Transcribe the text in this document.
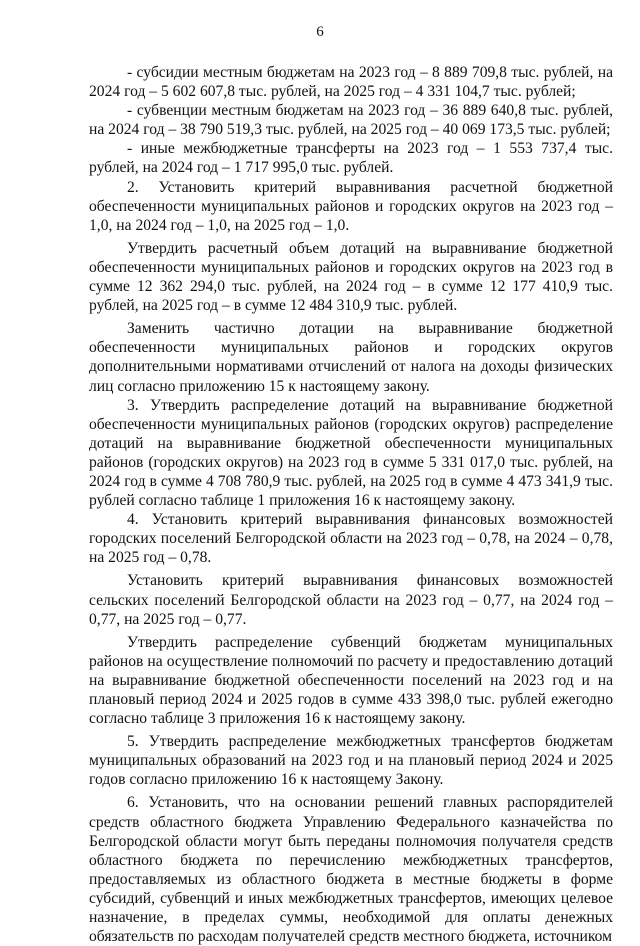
6

- субсидии местным бюджетам на 2023 год – 8 889 709,8 тыс. рублей, на 2024 год – 5 602 607,8 тыс. рублей, на 2025 год – 4 331 104,7 тыс. рублей;

- субвенции местным бюджетам на 2023 год – 36 889 640,8 тыс. рублей, на 2024 год – 38 790 519,3 тыс. рублей, на 2025 год – 40 069 173,5 тыс. рублей;

- иные межбюджетные трансферты на 2023 год – 1 553 737,4 тыс. рублей, на 2024 год – 1 717 995,0 тыс. рублей.

2. Установить критерий выравнивания расчетной бюджетной обеспеченности муниципальных районов и городских округов на 2023 год – 1,0, на 2024 год – 1,0, на 2025 год – 1,0.

Утвердить расчетный объем дотаций на выравнивание бюджетной обеспеченности муниципальных районов и городских округов на 2023 год в сумме 12 362 294,0 тыс. рублей, на 2024 год – в сумме 12 177 410,9 тыс. рублей, на 2025 год – в сумме 12 484 310,9 тыс. рублей.

Заменить частично дотации на выравнивание бюджетной обеспеченности муниципальных районов и городских округов дополнительными нормативами отчислений от налога на доходы физических лиц согласно приложению 15 к настоящему закону.

3. Утвердить распределение дотаций на выравнивание бюджетной обеспеченности муниципальных районов (городских округов) распределение дотаций на выравнивание бюджетной обеспеченности муниципальных районов (городских округов) на 2023 год в сумме 5 331 017,0 тыс. рублей, на 2024 год в сумме 4 708 780,9 тыс. рублей, на 2025 год в сумме 4 473 341,9 тыс. рублей согласно таблице 1 приложения 16 к настоящему закону.

4. Установить критерий выравнивания финансовых возможностей городских поселений Белгородской области на 2023 год – 0,78, на 2024 – 0,78, на 2025 год – 0,78.

Установить критерий выравнивания финансовых возможностей сельских поселений Белгородской области на 2023 год – 0,77, на 2024 год – 0,77, на 2025 год – 0,77.

Утвердить распределение субвенций бюджетам муниципальных районов на осуществление полномочий по расчету и предоставлению дотаций на выравнивание бюджетной обеспеченности поселений на 2023 год и на плановый период 2024 и 2025 годов в сумме 433 398,0 тыс. рублей ежегодно согласно таблице 3 приложения 16 к настоящему закону.

5. Утвердить распределение межбюджетных трансфертов бюджетам муниципальных образований на 2023 год и на плановый период 2024 и 2025 годов согласно приложению 16 к настоящему Закону.

6. Установить, что на основании решений главных распорядителей средств областного бюджета Управлению Федерального казначейства по Белгородской области могут быть переданы полномочия получателя средств областного бюджета по перечислению межбюджетных трансфертов, предоставляемых из областного бюджета в местные бюджеты в форме субсидий, субвенций и иных межбюджетных трансфертов, имеющих целевое назначение, в пределах суммы, необходимой для оплаты денежных обязательств по расходам получателей средств местного бюджета, источником
